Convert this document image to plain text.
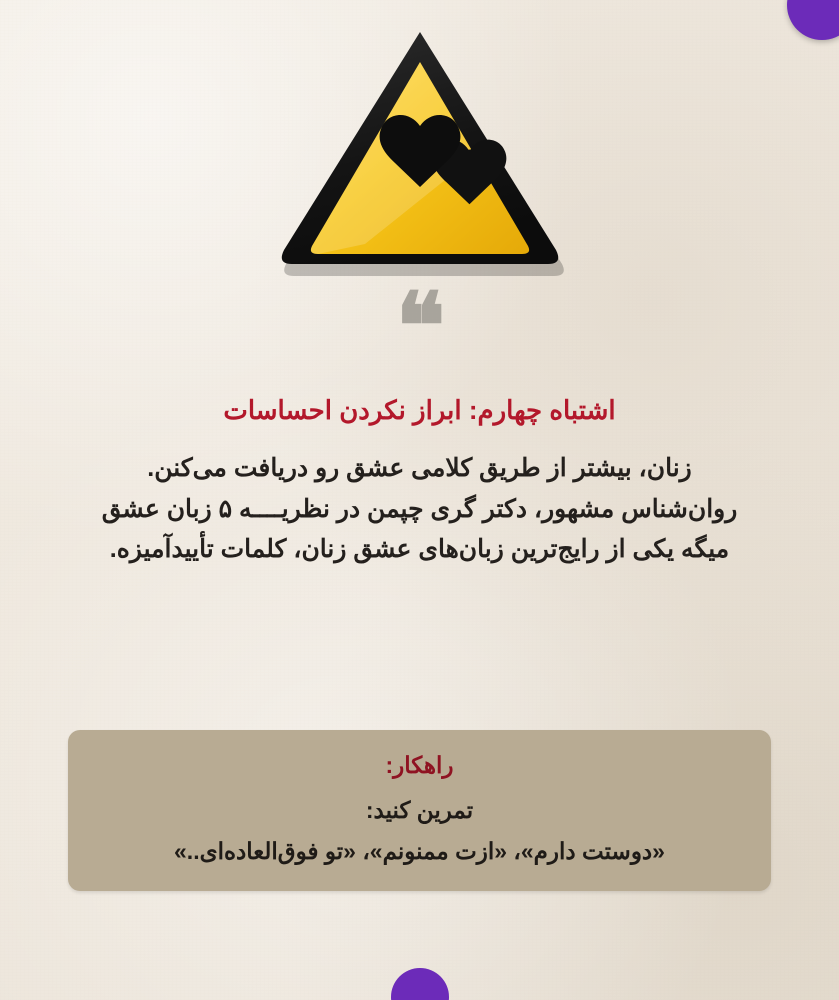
❝
اشتباه چهارم: ابراز نکردن احساسات

زنان، بیشتر از طریق کلامی عشق رو دریافت می‌کنن.

روان‌شناس مشهور، دکتر گری چپمن در نظریــــه ۵ زبان عشق

میگه یکی از رایج‌ترین زبان‌های عشق زنان، کلمات تأییدآمیزه.

راهکار:
تمرین کنید:
«دوستت دارم»، «ازت ممنونم»، «تو فوق‌العاده‌ای..»
